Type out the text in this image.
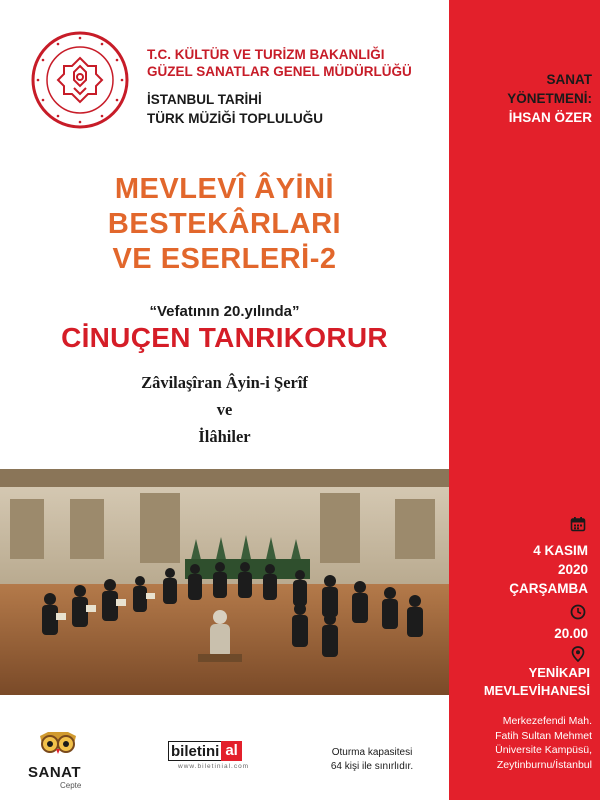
T.C. KÜLTÜR VE TURİZM BAKANLIĞI
GÜZEL SANATLAR GENEL MÜDÜRLÜĞÜ
İSTANBUL TARİHİ
TÜRK MÜZİĞİ TOPLULUĞU
MEVLEVÎ ÂYİNİ
BESTEKÂRLARI
VE ESERLERİ-2
“Vefatının 20.yılında”
CİNUÇEN TANRIKORUR
Zâvilaşîran Âyin-i Şerîf
ve
İlâhiler
SANAT
YÖNETMENİ:
İHSAN ÖZER
4 KASIM
2020
ÇARŞAMBA
20.00
YENİKAPI
MEVLEVİHANESİ
Merkezefendi Mah.
Fatih Sultan Mehmet
Üniversite Kampüsü,
Zeytinburnu/İstanbul
SANAT
Cepte
biletini al
www.biletinial.com
Oturma kapasitesi
64 kişi ile sınırlıdır.
